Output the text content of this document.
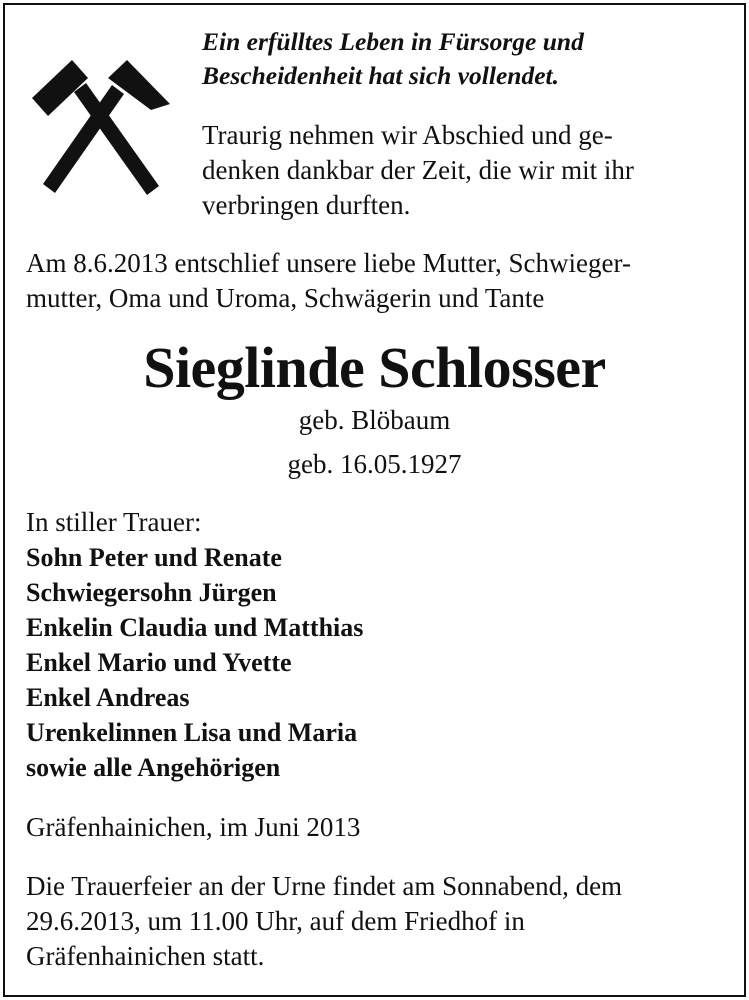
Ein erfülltes Leben in Fürsorge und
Bescheidenheit hat sich vollendet.
Traurig nehmen wir Abschied und ge-
denken dankbar der Zeit, die wir mit ihr
verbringen durften.
Am 8.6.2013 entschlief unsere liebe Mutter, Schwieger-
mutter, Oma und Uroma, Schwägerin und Tante
Sieglinde Schlosser
geb. Blöbaum
geb. 16.05.1927
In stiller Trauer:
Sohn Peter und Renate
Schwiegersohn Jürgen
Enkelin Claudia und Matthias
Enkel Mario und Yvette
Enkel Andreas
Urenkelinnen Lisa und Maria
sowie alle Angehörigen
Gräfenhainichen, im Juni 2013
Die Trauerfeier an der Urne findet am Sonnabend, dem
29.6.2013, um 11.00 Uhr, auf dem Friedhof in
Gräfenhainichen statt.
